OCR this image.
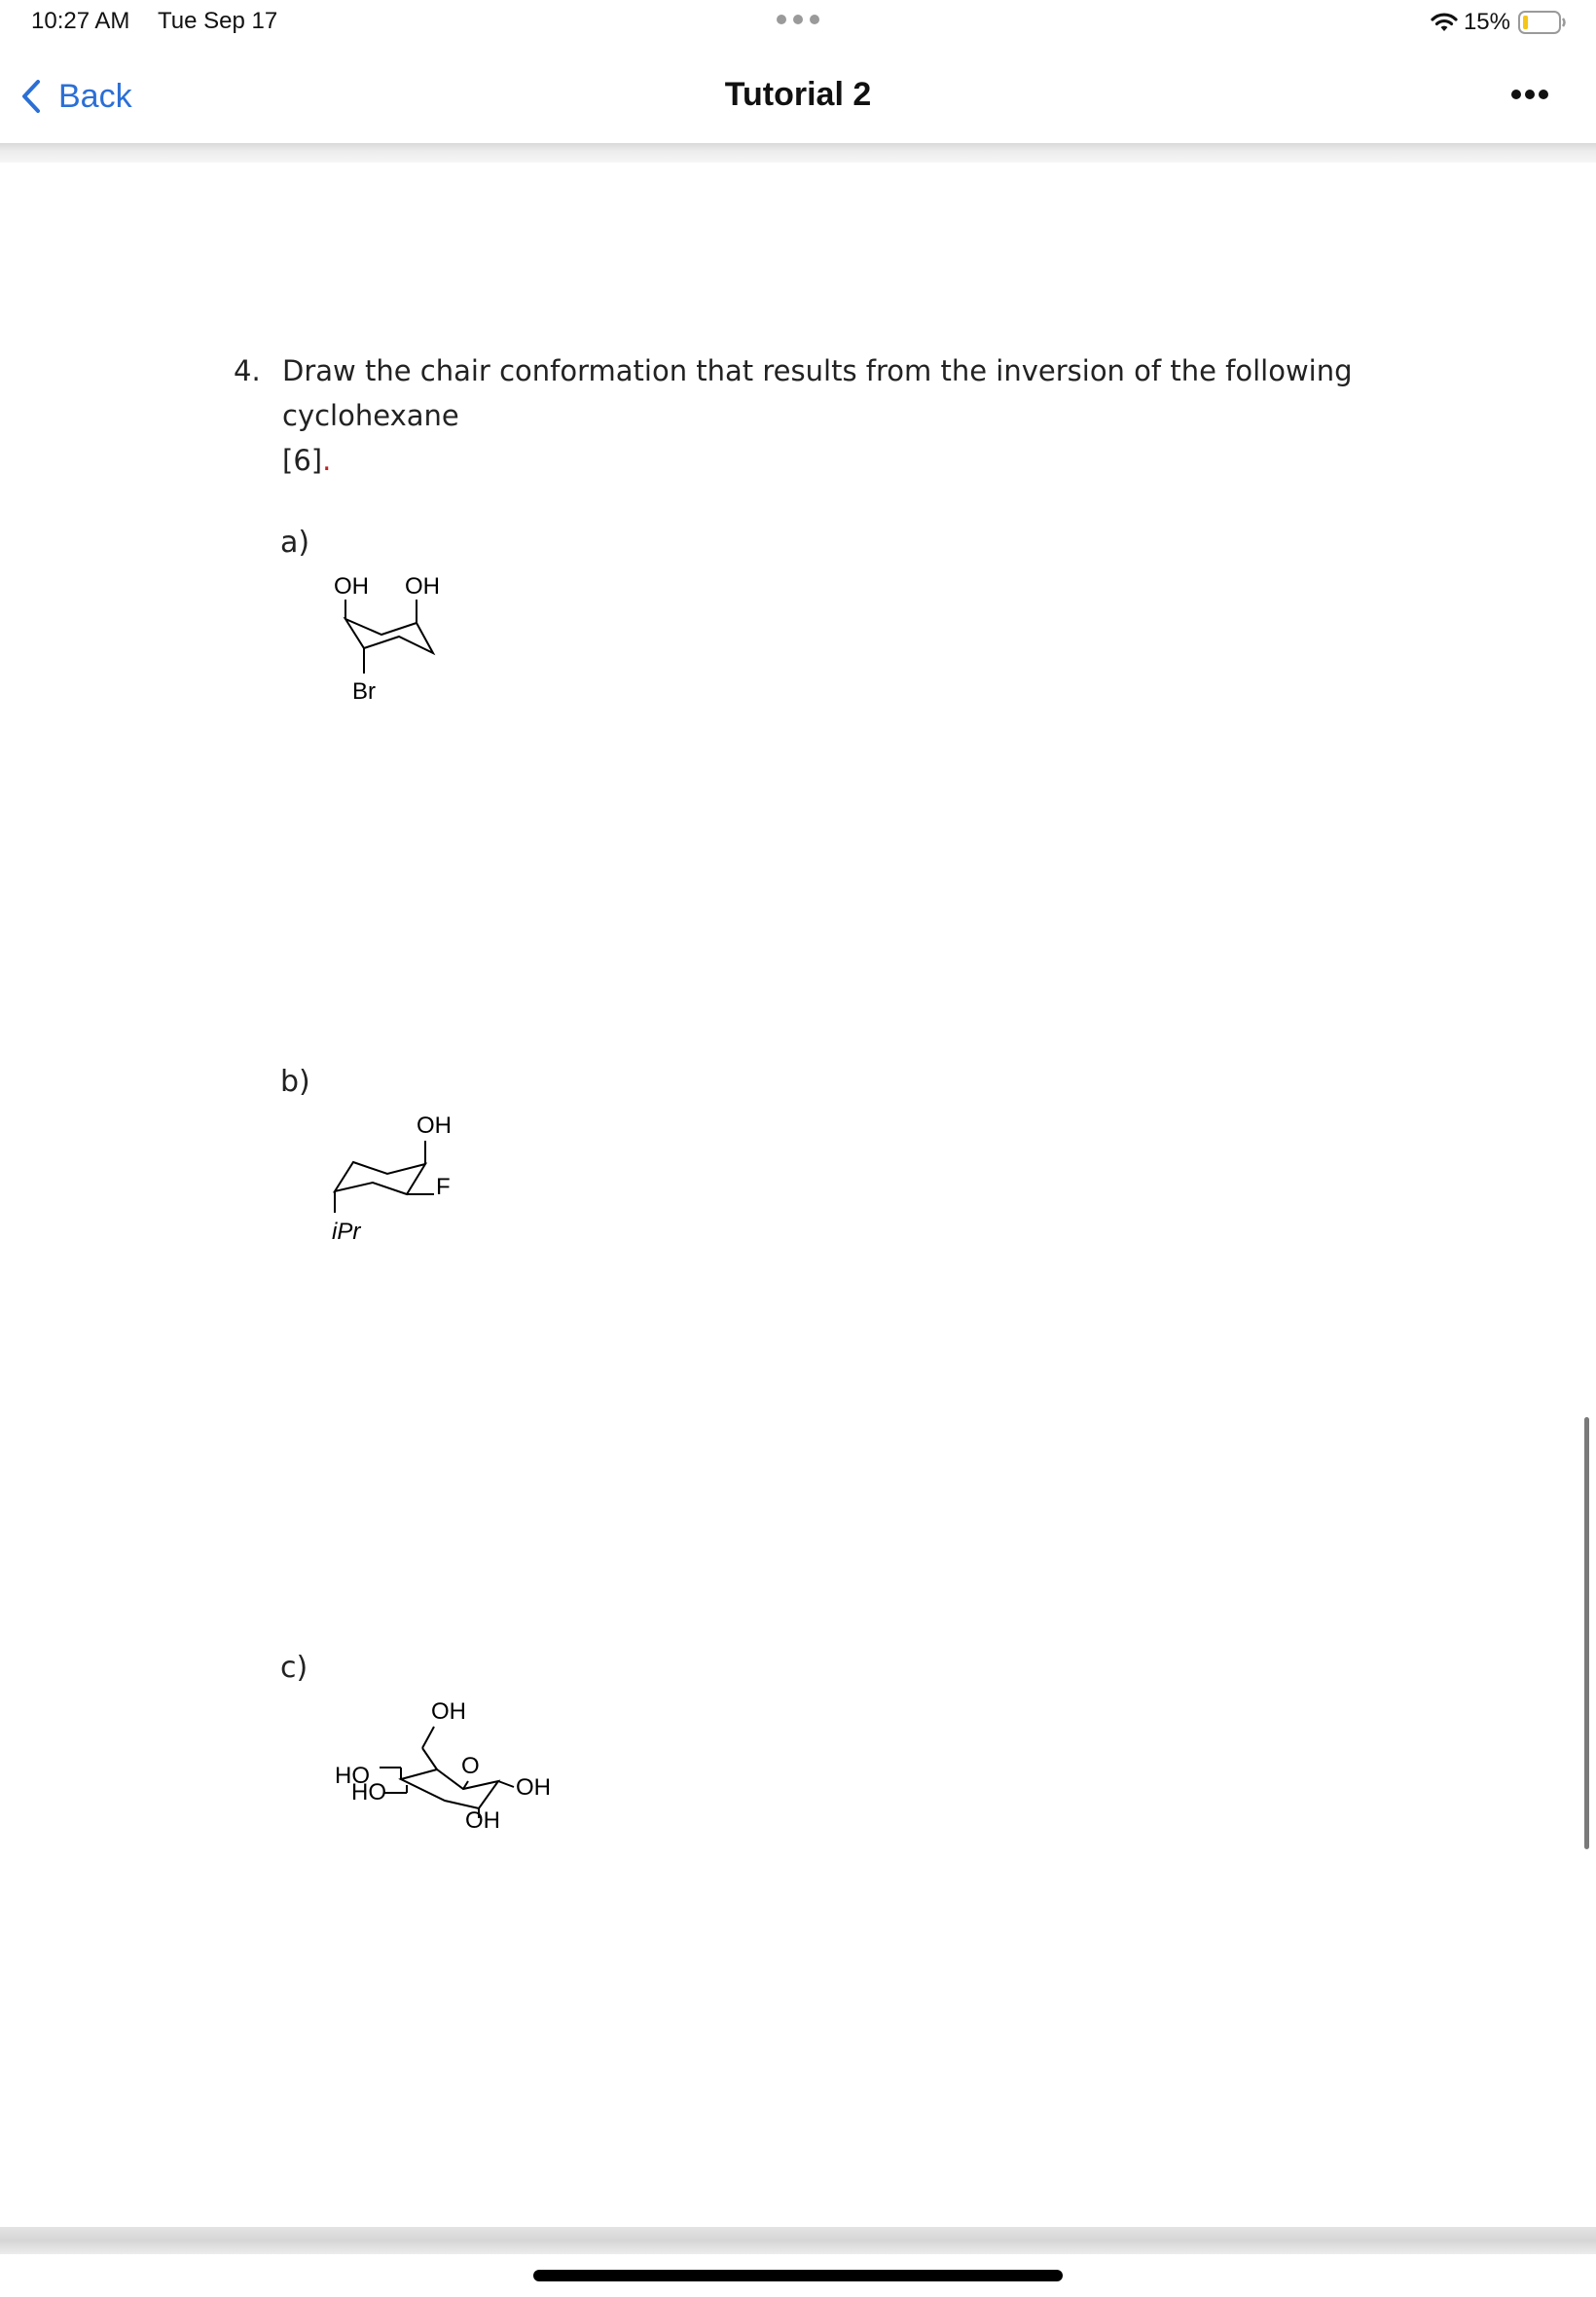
10:27 AM Tue Sep 17	15%
Back	Tutorial 2
4. Draw the chair conformation that results from the inversion of the following cyclohexane
[6].
a)
b)
c)
OH OH
Br
OH
F
iPr
OH
O
HO
HO	OH
OH
